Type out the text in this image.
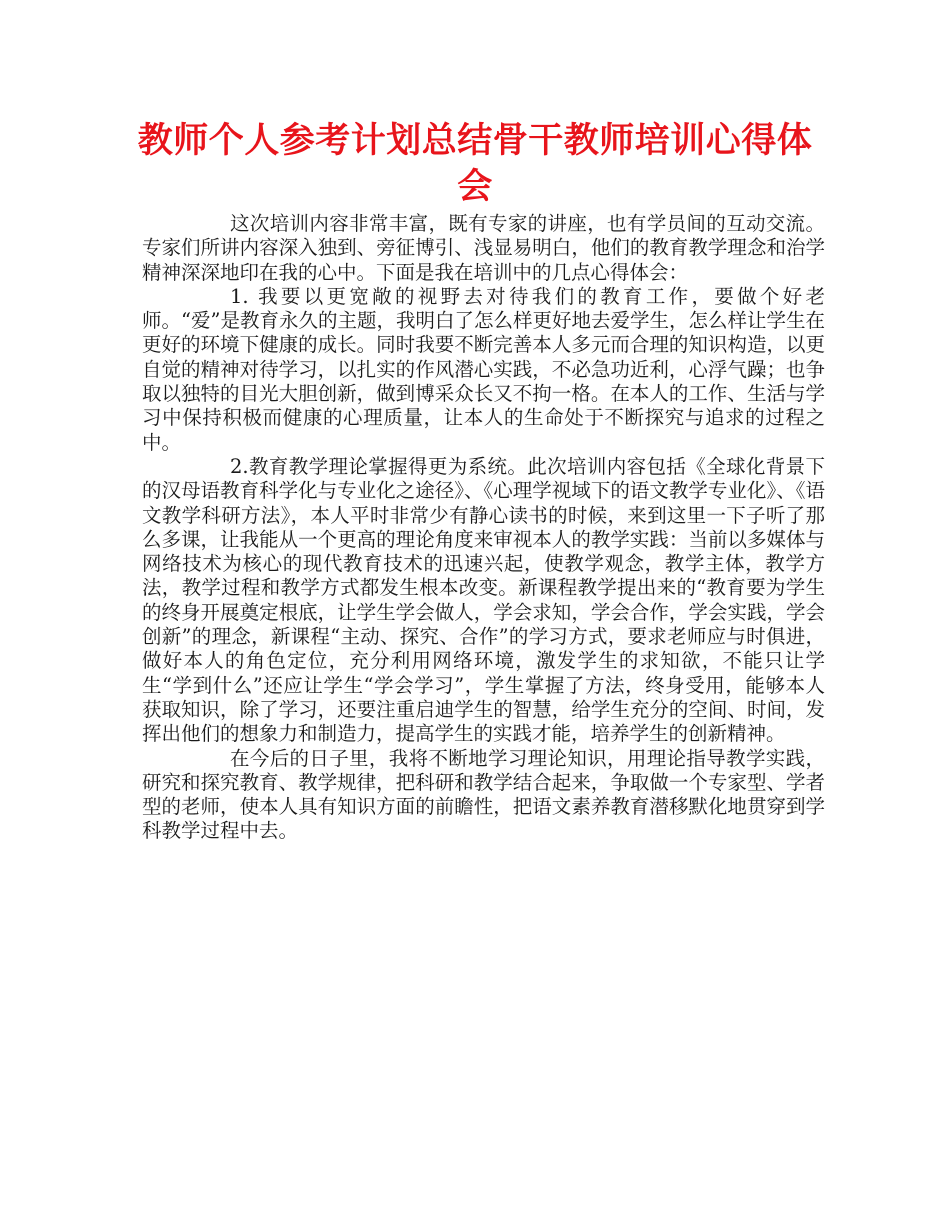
教师个人参考计划总结骨干教师培训心得体会

这次培训内容非常丰富，既有专家的讲座，也有学员间的互动交流。专家们所讲内容深入独到、旁征博引、浅显易明白，他们的教育教学理念和治学精神深深地印在我的心中。下面是我在培训中的几点心得体会：

1. 我要以更宽敞的视野去对待我们的教育工作，要做个好老师。“爱”是教育永久的主题，我明白了怎么样更好地去爱学生，怎么样让学生在更好的环境下健康的成长。同时我要不断完善本人多元而合理的知识构造，以更自觉的精神对待学习，以扎实的作风潜心实践，不必急功近利，心浮气躁；也争取以独特的目光大胆创新，做到博采众长又不拘一格。在本人的工作、生活与学习中保持积极而健康的心理质量，让本人的生命处于不断探究与追求的过程之中。

2.教育教学理论掌握得更为系统。此次培训内容包括《全球化背景下的汉母语教育科学化与专业化之途径》、《心理学视域下的语文教学专业化》、《语文教学科研方法》，本人平时非常少有静心读书的时候，来到这里一下子听了那么多课，让我能从一个更高的理论角度来审视本人的教学实践：当前以多媒体与网络技术为核心的现代教育技术的迅速兴起，使教学观念，教学主体，教学方法，教学过程和教学方式都发生根本改变。新课程教学提出来的“教育要为学生的终身开展奠定根底，让学生学会做人，学会求知，学会合作，学会实践，学会创新”的理念，新课程“主动、探究、合作”的学习方式，要求老师应与时俱进，做好本人的角色定位，充分利用网络环境，激发学生的求知欲，不能只让学生“学到什么”还应让学生“学会学习”，学生掌握了方法，终身受用，能够本人获取知识，除了学习，还要注重启迪学生的智慧，给学生充分的空间、时间，发挥出他们的想象力和制造力，提高学生的实践才能，培养学生的创新精神。

在今后的日子里，我将不断地学习理论知识，用理论指导教学实践，研究和探究教育、教学规律，把科研和教学结合起来，争取做一个专家型、学者型的老师，使本人具有知识方面的前瞻性，把语文素养教育潜移默化地贯穿到学科教学过程中去。
